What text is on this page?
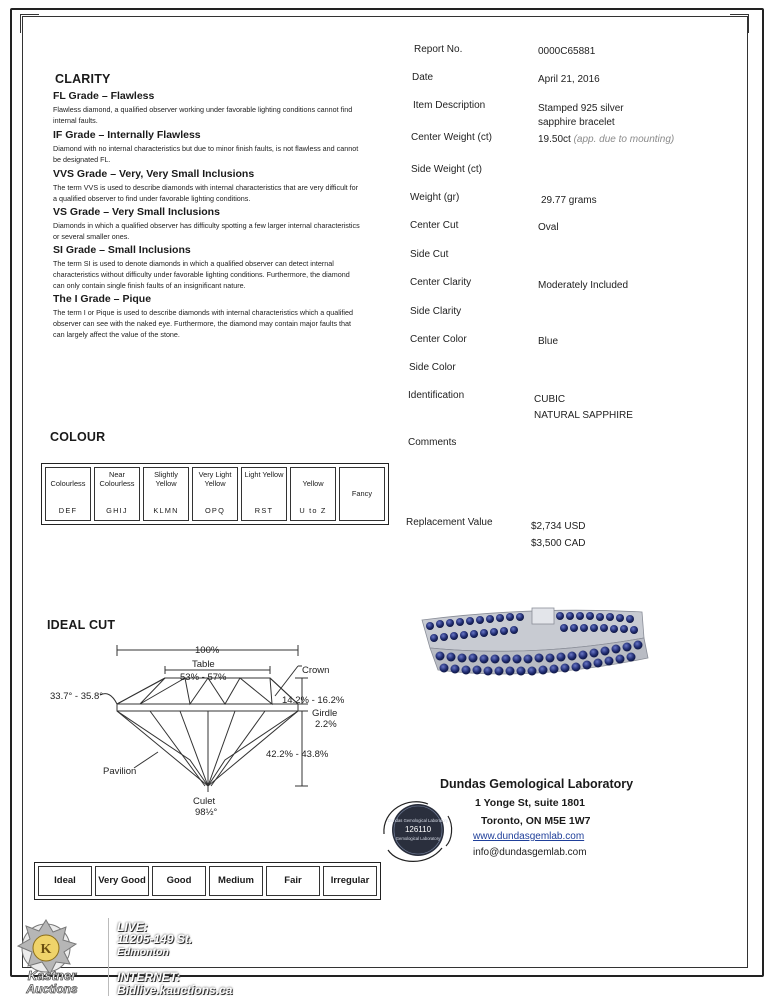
CLARITY
FL Grade – Flawless
Flawless diamond, a qualified observer working under favorable lighting conditions cannot find internal faults.
IF Grade – Internally Flawless
Diamond with no internal characteristics but due to minor finish faults, is not flawless and cannot be designated FL.
VVS Grade – Very, Very Small Inclusions
The term VVS is used to describe diamonds with internal characteristics that are very difficult for a qualified observer to find under favorable lighting conditions.
VS Grade – Very Small Inclusions
Diamonds in which a qualified observer has difficulty spotting a few larger internal characteristics or several smaller ones.
SI Grade – Small Inclusions
The term SI is used to denote diamonds in which a qualified observer can detect internal characteristics without difficulty under favorable lighting conditions. Furthermore, the diamond can only contain single finish faults of an insignificant nature.
The I Grade – Pique
The term I or Pique is used to describe diamonds with internal characteristics which a qualified observer can see with the naked eye. Furthermore, the diamond may contain major faults that can largely affect the value of the stone.
COLOUR
Colourless
DEF

Near Colourless
GHIJ

Slightly Yellow
KLMN

Very Light Yellow
OPQ

Light Yellow
RST

Yellow
U to Z

Fancy
IDEAL CUT
100%
Table
53% - 57%
Crown
33.7° - 35.8°	14.2% - 16.2%
Girdle
2.2%
42.2% - 43.8%
Pavilion
Culet
98½°
Ideal	Very Good	Good	Medium	Fair	Irregular
Report No.	0000C65881
Date	April 21, 2016
Item Description	Stamped 925 silver sapphire bracelet
Center Weight (ct)	19.50ct (app. due to mounting)
Side Weight (ct)
Weight (gr)	29.77 grams
Center Cut	Oval
Side Cut
Center Clarity	Moderately Included
Side Clarity
Center Color	Blue
Side Color
Identification	CUBIC
NATURAL SAPPHIRE
Comments
Replacement Value	$2,734 USD
$3,500 CAD
Dundas Gemological Laboratory
126110
Gemological Laboratory
Dundas Gemological Laboratory
1 Yonge St, suite 1801
Toronto, ON M5E 1W7
www.dundasgemlab.com
info@dundasgemlab.com
K
Kastner
Auctions
LIVE:
11205-149 St.
Edmonton
INTERNET:
Bidlive.kauctions.ca
